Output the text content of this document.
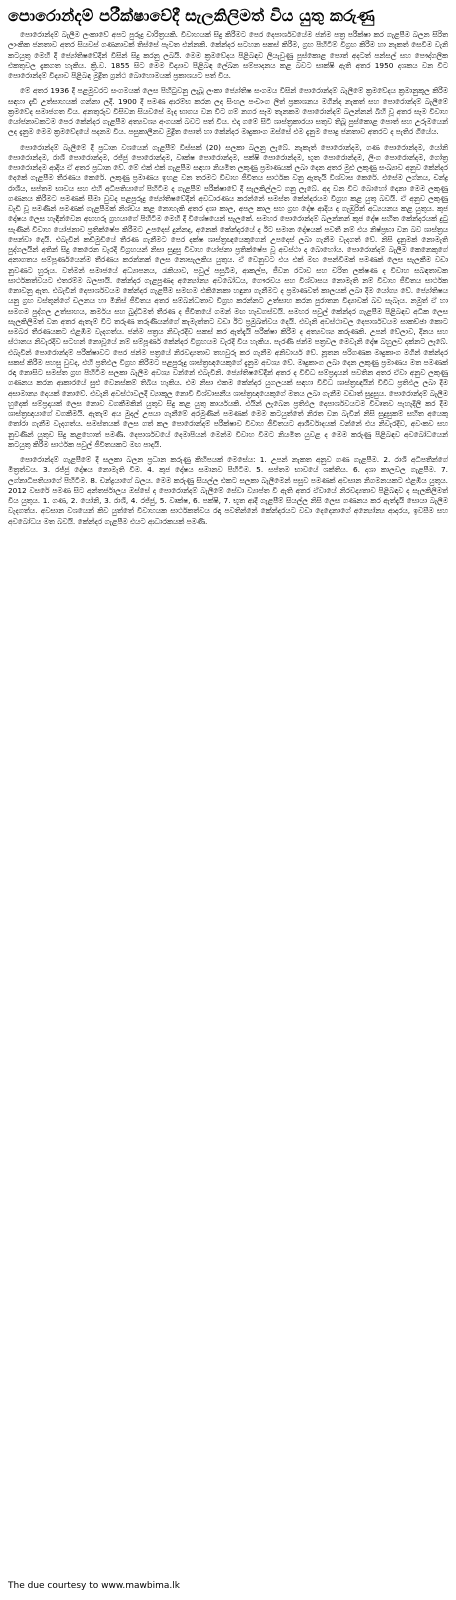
පොරොන්දම් පරීක්ෂාවේදී සැලකිලිමත් විය යුතු කරුණු

පොරොන්දම් බැලීම ලංකාවේ අපට පුරුදු චාරිත්‍රයකි. විවාහයක් සිදු කිරීමට පෙර දෙපාර්ශවයේම ජන්ම පත්‍ර පරීක්ෂා කර ගැළපීම බලන සිරිත ලාංකික ජනතාව අතර සියවස් ගණනාවක් තිස්සේ පැවත එන්නකි. කේන්දර සටහන සකස් කිරීම, ග්‍රහ පිහිටීම් විග්‍රහ කිරීම හා නැකත් සෙවීම වැනි කටයුතු මෙහි දී ජ්‍යෝතිෂවේදීන් විසින් සිදු කරනු ලබයි. මෙම ක්‍රමවේදය පිළිබඳව ලියැවුණු පුස්කොළ පොත් අදටත් පන්සල් සහ පෞද්ගලික එකතුවල දැකගත හැකිය. ක්‍රි.ව. 1855 සිට මෙම විද්‍යාව පිළිබඳ ලේඛන සම්පාදනය කළ බවට සාක්ෂි ඇති අතර 1950 දශකය වන විට පොරොන්දම් විද්‍යාව පිළිබඳ මුද්‍රිත ග්‍රන්ථ බොහොමයක් ප්‍රකාශයට පත් විය.

මේ අතර 1936 දී පළමුවරට සංගමයක් ලෙස පිහිටුවනු ලැබූ ලංකා ජ්‍යෝතිෂ සංගමය විසින් පොරොන්දම් බැලීමේ ක්‍රමවේදය ක්‍රමානුකූල කිරීම සඳහා දැඩි උත්සාහයක් ගන්නා ලදී. 1900 දී පමණ ආරම්භ කරන ලද සිංහල පංචාංග ලිත් ප්‍රකාශනය මගින්ද නැකත් සහ පොරොන්දම් බැලීමේ ක්‍රමවේද සමාජගත විය. අනතුරුව විසිවන සියවසේ මැද භාගය වන විට ගම් නගර සෑම තැනකම පොරොන්දම් බලන්නන් බිහි වූ අතර සෑම විවාහ යෝජනාවකටම පෙර කේන්දර ගැළපීම අත්‍යවශ්‍ය අංගයක් බවට පත් විය. එදා ගමේ සිටි ශාස්ත්‍රකාරයා සතුව තිබූ පුස්කොළ පොත් සහ උරුමයෙන් ලද දැනුම මෙම ක්‍රමවේදයේ පදනම විය. පසුකාලීනව මුද්‍රිත පොත් හා කේන්දර මෘදුකාංග ඔස්සේ එම දැනුම පොදු ජනතාව අතරට ද පැතිර ගියේය.

පොරොන්දම් බැලීමේ දී ප්‍රධාන වශයෙන් ගැළපීම් විස්සක් (20) සලකා බලනු ලැබේ. නැකැත් පොරොන්දම, ගණ පොරොන්දම, යෝනි පොරොන්දම, රාශි පොරොන්දම, රජ්ජු පොරොන්දම, වෘක්ෂ පොරොන්දම, පක්ෂි පොරොන්දම, භූත පොරොන්දම, ලිංග පොරොන්දම, ගෝත්‍ර පොරොන්දම ආදිය ඒ අතර ප්‍රධාන වේ. මේ එක් එක් ගැළපීම සඳහා නියමිත ලකුණු ප්‍රමාණයක් ලබා දෙන අතර මුළු ලකුණු සංඛ්‍යාව අනුව කේන්දර දෙකේ ගැළපීම තීරණය කෙරේ. ලකුණු ප්‍රමාණය ඉහළ වන තරමට විවාහ ජීවිතය සාර්ථක වනු ඇතැයි විශ්වාස කෙරේ. එසේම ලග්නය, චන්ද්‍ර රාශිය, සප්තම භාවය සහ එහි අධිපතියාගේ පිහිටීම ද ගැළපීම් පරීක්ෂාවේ දී සැලකිල්ලට ගනු ලැබේ. අද වන විට බොහෝ දෙනා මෙම ලකුණු ගණනය කිරීමට පමණක් සීමා වුවද පළපුරුදු ජ්‍යෝතිෂවේදීන් අවධාරණය කරන්නේ සමස්ත කේන්දරයම විග්‍රහ කළ යුතු බවයි. ඒ අනුව ලකුණු වැඩි වූ පමණින් පමණක් ගැළපීමක් නිශ්චය කළ නොහැකි අතර දශා කාල, අපල කාල සහ ග්‍රහ දෝෂ ආදිය ද ගැඹුරින් අධ්‍යයනය කළ යුතුය. කුජ දෝෂය ලෙස හැඳින්වෙන අඟහරු ග්‍රහයාගේ පිහිටීම මෙහි දී විශේෂයෙන් සැලකේ. සමහර පොරොන්දම් බලන්නන් කුජ දෝෂ සහිත කේන්දරයක් දුටු සැණින් විවාහ යෝජනාව ප්‍රතික්ෂේප කිරීමට උපදෙස් දුන්නද, අනෙක් කේන්දරයේ ද ඊට සමාන දෝෂයක් පවතී නම් එය නිෂ්ප්‍රභා වන බව ශාස්ත්‍රය පෙන්වා දෙයි. එබැවින් කඩිමුඩියේ තීරණ ගැනීමට පෙර දක්ෂ ශාස්ත්‍රඥයෙකුගෙන් උපදෙස් ලබා ගැනීම වැදගත් වේ. නිසි දැනුමක් නොමැති පුද්ගලයින් අතින් සිදු කෙරෙන වැරදි විග්‍රහයන් නිසා සුදුසු විවාහ යෝජනා ප්‍රතික්ෂේප වූ අවස්ථා ද බොහෝය. පොරොන්දම් බැලීම කෙනෙකුගේ අනාගතය සම්පූර්ණයෙන්ම තීරණය කරන්නක් ලෙස නොසැලකිය යුතුය. ඒ වෙනුවට එය එක් මඟ පෙන්වීමක් පමණක් ලෙස සැලකීම වඩා නුවණට හුරුය. වත්මන් සමාජයේ අධ්‍යාපනය, රැකියාව, පවුල් පසුබිම, ආකල්ප, ජීවන රටාව සහ චරිත ලක්ෂණ ද විවාහ සබඳතාවක සාර්ථකත්වයට එතරම්ම බලපායි. කේන්දර ගැළපුණද අන්‍යෝන්‍ය අවබෝධය, ගෞරවය සහ විශ්වාසය නොමැති නම් විවාහ ජීවිතය සාර්ථක නොවනු ඇත. එබැවින් දෙපාර්ශවයම කේන්දර ගැළපීම සමඟම එකිනෙකා හඳුනා ගැනීමට ද ප්‍රමාණවත් කාලයක් ලබා දීම යෝග්‍ය වේ. ජ්‍යෝතිෂය යනු ග්‍රහ වස්තූන්ගේ චලනය හා මිනිස් ජීවිතය අතර සම්බන්ධතාව විග්‍රහ කරන්නට උත්සාහ කරන පුරාතන විද්‍යාවක් බව සැබෑය. නමුත් ඒ හා සමගම පුද්ගල උත්සාහය, කර්මය සහ බුද්ධිමත් තීරණ ද ජීවිතයේ ගමන් මඟ හැඩගස්වයි. සමහර පවුල් කේන්දර ගැළපීම පිළිබඳව අධික ලෙස සැලකිලිමත් වන අතර ඇතැම් විට තරුණ තරුණියන්ගේ කැමැත්තට වඩා ඊට ප්‍රමුඛත්වය දෙයි. එවැනි අවස්ථාවල දෙපාර්ශවයම සාකච්ඡා කොට සමබර තීරණයකට එළඹීම වැදගත්ය. ජන්ම පත්‍රය නිවැරදිව සකස් කර ඇත්දැයි පරීක්ෂා කිරීම ද අත්‍යවශ්‍ය කරුණකි. උපන් වේලාව, දිනය සහ ස්ථානය නිවැරදිව සටහන් නොවූයේ නම් සම්පූර්ණ කේන්දර විග්‍රහයම වැරදි විය හැකිය. පැරණි ජන්ම පත්‍රවල මෙවැනි දෝෂ බහුලව දක්නට ලැබේ. එබැවින් පොරොන්දම් පරීක්ෂාවට පෙර ජන්ම පත්‍රයේ නිරවද්‍යතාව තහවුරු කර ගැනීම අනිවාර්ය වේ. නූතන පරිගණක මෘදුකාංග මගින් කේන්දර සකස් කිරීම පහසු වුවද, එහි ප්‍රතිඵල විග්‍රහ කිරීමට පළපුරුදු ශාස්ත්‍රඥයෙකුගේ දැනුම අවශ්‍ය වේ. මෘදුකාංග ලබා දෙන ලකුණු ප්‍රමාණය මත පමණක් රඳා නොසිට සමස්ත ග්‍රහ පිහිටීම සලකා බැලීම අවශ්‍ය වන්නේ එබැවිනි. ජ්‍යෝතිෂවේදීන් අතර ද විවිධ සම්ප්‍රදායන් පවතින අතර ඒවා අනුව ලකුණු ගණනය කරන ආකාරයේ සුළු වෙනස්කම් තිබිය හැකිය. එම නිසා එකම කේන්දර යුගලයක් සඳහා විවිධ ශාස්ත්‍රඥයින් විවිධ ප්‍රතිඵල ලබා දීම අසාමාන්‍ය දෙයක් නොවේ. එවැනි අවස්ථාවලදී ව්‍යාකූල නොවී විශ්වාසනීය ශාස්ත්‍රඥයෙකුගේ මතය ලබා ගැනීම වඩාත් සුදුසුය. පොරොන්දම් බැලීම හුදෙක් සම්ප්‍රදායක් ලෙස නොව වගකීමකින් යුතුව සිදු කළ යුතු කාර්යයකි. එයින් ලැබෙන ප්‍රතිඵල දෙපාර්ශවයටම විවෘතව පැහැදිලි කර දීම ශාස්ත්‍රඥයාගේ වගකීමයි. ඇතැම් අය මුදල් උපයා ගැනීමේ අරමුණින් පමණක් මෙම කටයුත්තේ නිරත වන බැවින් නිසි සුදුසුකම් සහිත අයෙකු තෝරා ගැනීම වැදගත්ය. සමස්තයක් ලෙස ගත් කල පොරොන්දම් පරීක්ෂාව විවාහ ජීවිතයට ආශීර්වාදයක් වන්නේ එය නිවැරදිව, අවංකව සහ නුවණින් යුතුව සිදු කළහොත් පමණි. දෙපාර්ශවයේ දෙමාපියන් මෙන්ම විවාහ වීමට නියමිත යුවළ ද මෙම කරුණු පිළිබඳව අවබෝධයෙන් කටයුතු කිරීම සාර්ථක පවුල් ජීවිතයකට මඟ පාදයි.

පොරොන්දම් ගැළපීමේ දී සලකා බලන ප්‍රධාන කරුණු කිහිපයක් මෙසේය: 1. උපන් නැකත අනුව ගණ ගැළපීම. 2. රාශි අධිපතීන්ගේ මිත්‍රත්වය. 3. රජ්ජු දෝෂය නොමැති වීම. 4. කුජ දෝෂය සමානව පිහිටීම. 5. සප්තම භාවයේ ශක්තිය. 6. දශා කාලවල ගැළපීම. 7. ලග්නාධිපතියාගේ පිහිටීම. 8. චන්ද්‍රයාගේ බලය. මෙම කරුණු සියල්ල එකට සලකා බැලීමෙන් පසුව පමණක් අවසාන නිගමනයකට එළඹිය යුතුය. 2012 වසරේ පමණ සිට අන්තර්ජාලය ඔස්සේ ද පොරොන්දම් බැලීමේ සේවා ව්‍යාප්ත වී ඇති අතර ඒවායේ නිරවද්‍යතාව පිළිබඳව ද සැලකිලිමත් විය යුතුය. 1. ගණ, 2. යෝනි, 3. රාශි, 4. රජ්ජු, 5. වෘක්ෂ, 6. පක්ෂි, 7. භූත ආදී ගැළපීම් සියල්ල නිසි ලෙස ගණනය කර ඇත්දැයි සොයා බැලීම වැදගත්ය. අවසාන වශයෙන් කිව යුත්තේ විවාහයක සාර්ථකත්වය රඳා පවතින්නේ කේන්දරයට වඩා දෙදෙනාගේ අන්‍යෝන්‍ය ආදරය, ඉවසීම සහ අවබෝධය මත බවයි. කේන්දර ගැළපීම එයට ආධාරකයක් පමණි.

The due courtesy to www.mawbima.lk
